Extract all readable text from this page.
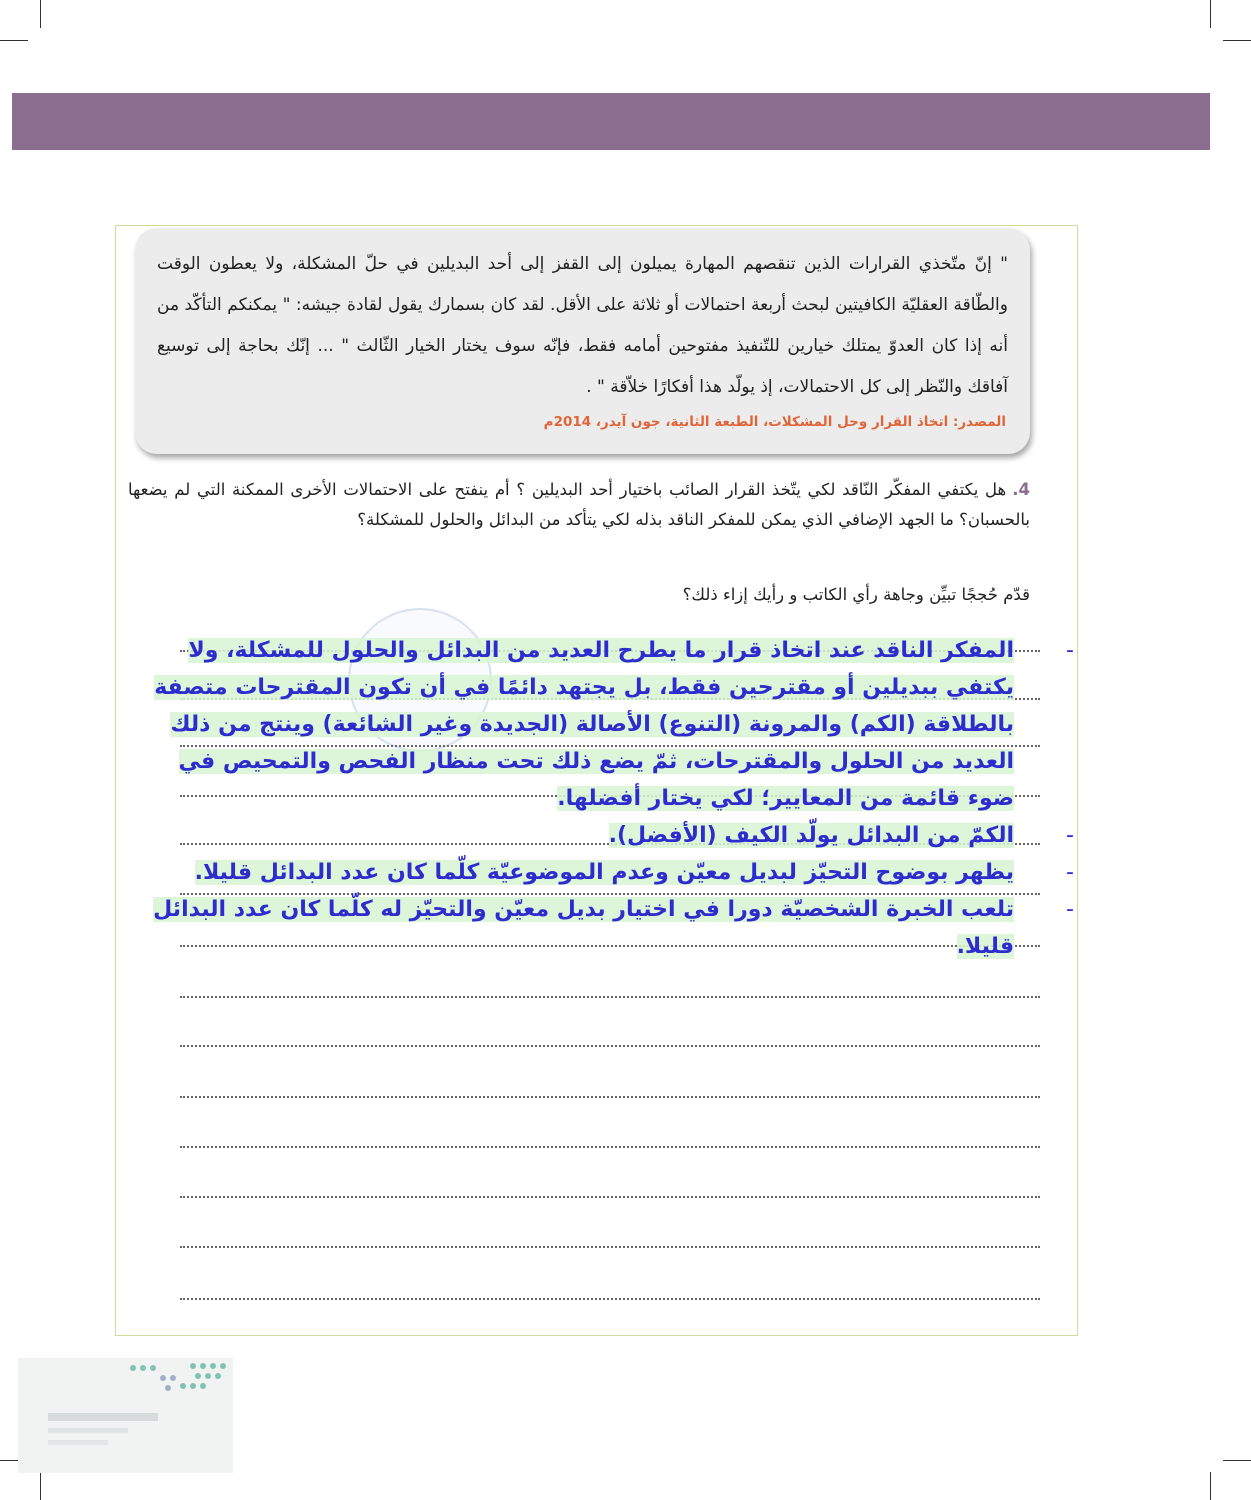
" إنّ متّخذي القرارات الذين تنقصهم المهارة يميلون إلى القفز إلى أحد البديلين في حلّ المشكلة، ولا يعطون الوقت والطّاقة العقليّة الكافيتين لبحث أربعة احتمالات أو ثلاثة على الأقل. لقد كان بسمارك يقول لقادة جيشه: " يمكنكم التأكّد من أنه إذا كان العدوّ يمتلك خيارين للتّنفيذ مفتوحين أمامه فقط، فإنّه سوف يختار الخيار الثّالث " ... إنّك بحاجة إلى توسيع آفاقك والنّظر إلى كل الاحتمالات، إذ يولّد هذا أفكارًا خلاّقة " .

المصدر: اتخاذ القرار وحل المشكلات، الطبعة الثانية، جون آيدر، 2014م

4.هل يكتفي المفكّر النّاقد لكي يتّخذ القرار الصائب باختيار أحد البديلين ؟ أم ينفتح على الاحتمالات الأخرى الممكنة التي لم يضعها بالحسبان؟ ما الجهد الإضافي الذي يمكن للمفكر الناقد بذله لكي يتأكد من البدائل والحلول للمشكلة؟

قدّم حُججًا تبيِّن وجاهة رأي الكاتب و رأيك إزاء ذلك؟

-
المفكر الناقد عند اتخاذ قرار ما يطرح العديد من البدائل والحلول للمشكلة، ولا يكتفي ببديلين أو مقترحين فقط، بل يجتهد دائمًا في أن تكون المقترحات متصفة بالطلاقة (الكم) والمرونة (التنوع) الأصالة (الجديدة وغير الشائعة) وينتج من ذلك العديد من الحلول والمقترحات، ثمّ يضع ذلك تحت منظار الفحص والتمحيص في ضوء قائمة من المعايير؛ لكي يختار أفضلها.
-
الكمّ من البدائل يولّد الكيف (الأفضل).
-
يظهر بوضوح التحيّز لبديل معيّن وعدم الموضوعيّة كلّما كان عدد البدائل قليلا.
-
تلعب الخبرة الشخصيّة دورا في اختيار بديل معيّن والتحيّز له كلّما كان عدد البدائل قليلا.
